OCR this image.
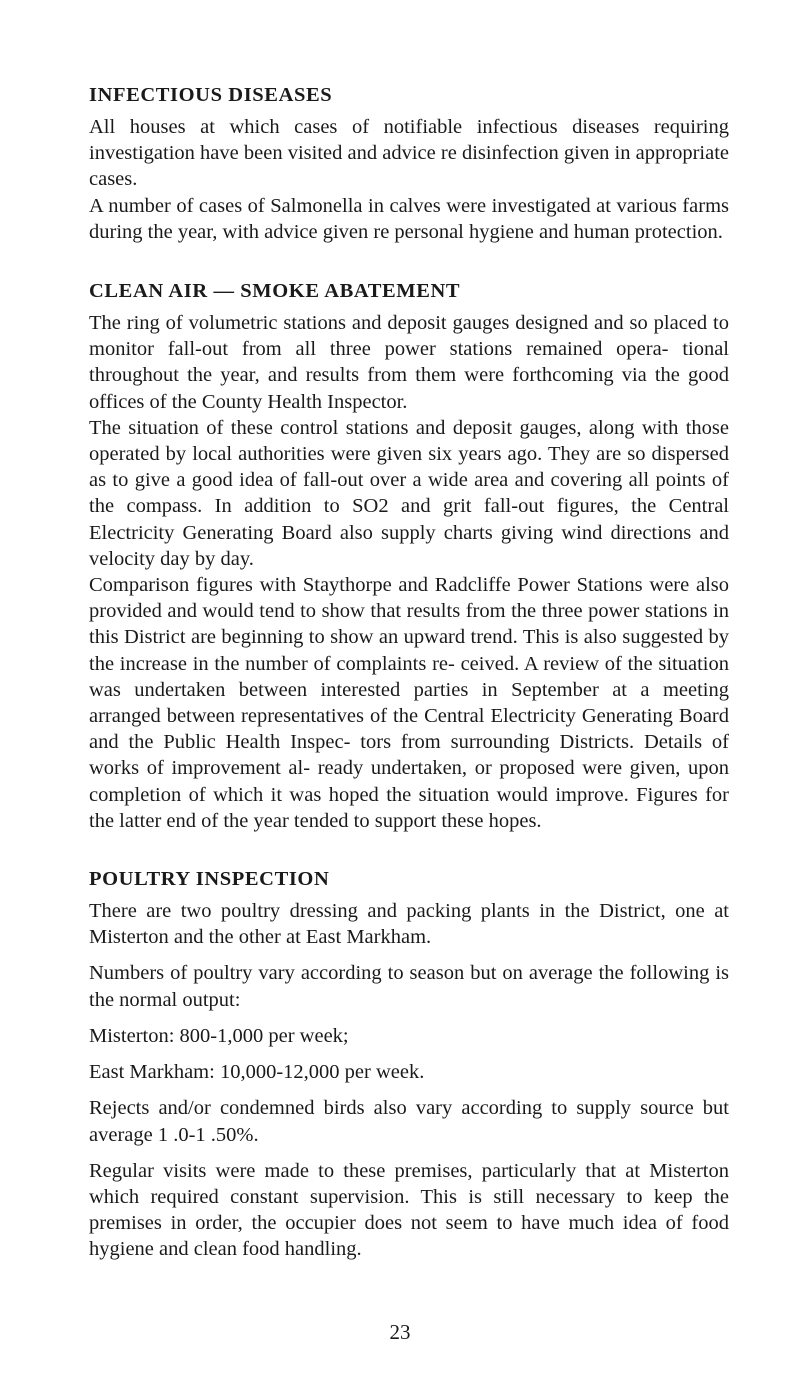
INFECTIOUS DISEASES

All houses at which cases of notifiable infectious diseases requiring investigation have been visited and advice re disinfection given in appropriate cases.

A number of cases of Salmonella in calves were investigated at various farms during the year, with advice given re personal hygiene and human protection.

CLEAN AIR — SMOKE ABATEMENT

The ring of volumetric stations and deposit gauges designed and so placed to monitor fall-out from all three power stations remained opera- tional throughout the year, and results from them were forthcoming via the good offices of the County Health Inspector.

The situation of these control stations and deposit gauges, along with those operated by local authorities were given six years ago. They are so dispersed as to give a good idea of fall-out over a wide area and covering all points of the compass. In addition to SO2 and grit fall-out figures, the Central Electricity Generating Board also supply charts giving wind directions and velocity day by day.

Comparison figures with Staythorpe and Radcliffe Power Stations were also provided and would tend to show that results from the three power stations in this District are beginning to show an upward trend. This is also suggested by the increase in the number of complaints re- ceived. A review of the situation was undertaken between interested parties in September at a meeting arranged between representatives of the Central Electricity Generating Board and the Public Health Inspec- tors from surrounding Districts. Details of works of improvement al- ready undertaken, or proposed were given, upon completion of which it was hoped the situation would improve. Figures for the latter end of the year tended to support these hopes.

POULTRY INSPECTION

There are two poultry dressing and packing plants in the District, one at Misterton and the other at East Markham.

Numbers of poultry vary according to season but on average the following is the normal output:

Misterton: 800-1,000 per week;

East Markham: 10,000-12,000 per week.

Rejects and/or condemned birds also vary according to supply source but average 1 .0-1 .50%.

Regular visits were made to these premises, particularly that at Misterton which required constant supervision. This is still necessary to keep the premises in order, the occupier does not seem to have much idea of food hygiene and clean food handling.

23
